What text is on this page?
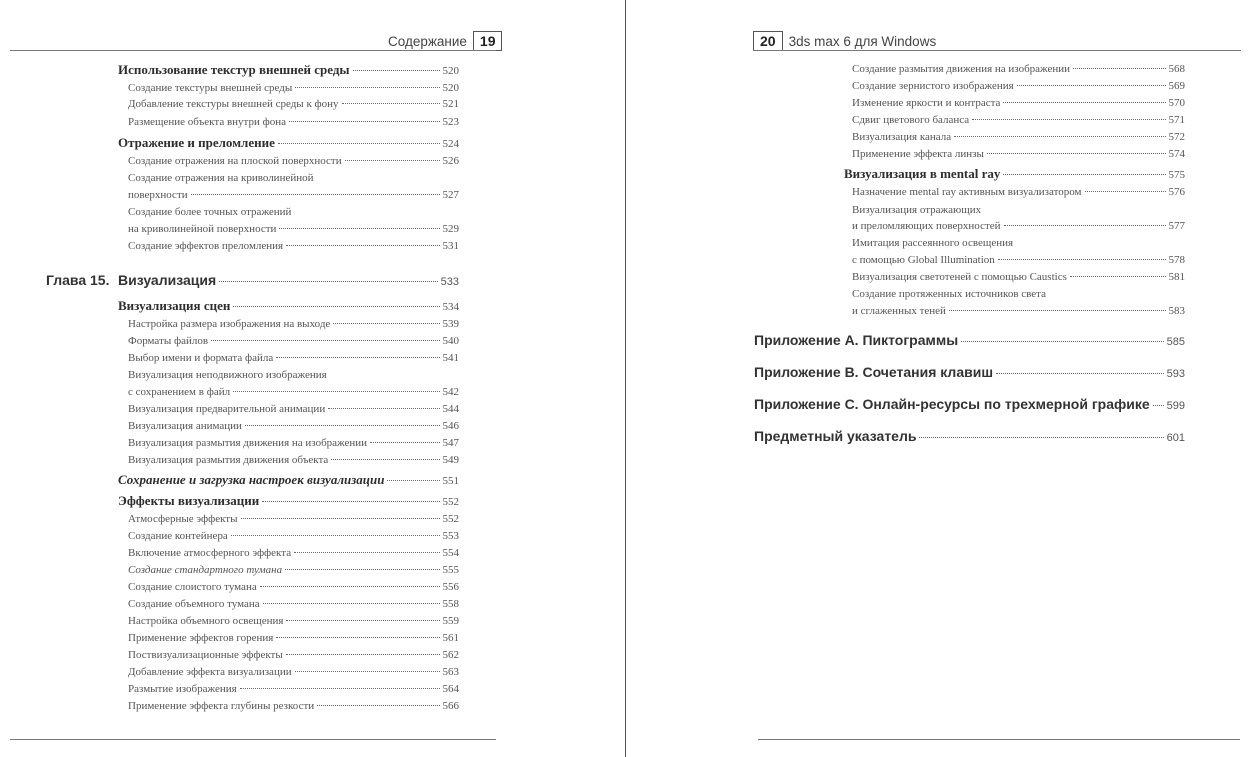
Содержание 19
Использование текстур внешней среды	520
Создание текстуры внешней среды	520
Добавление текстуры внешней среды к фону	521
Размещение объекта внутри фона	523
Отражение и преломление	524
Создание отражения на плоской поверхности	526
Создание отражения на криволинейной
поверхности	527
Создание более точных отражений
на криволинейной поверхности	529
Создание эффектов преломления	531
Глава 15. Визуализация	533
Визуализация сцен	534
Настройка размера изображения на выходе	539
Форматы файлов	540
Выбор имени и формата файла	541
Визуализация неподвижного изображения
с сохранением в файл	542
Визуализация предварительной анимации	544
Визуализация анимации	546
Визуализация размытия движения на изображении	547
Визуализация размытия движения объекта	549
Сохранение и загрузка настроек визуализации	551
Эффекты визуализации	552
Атмосферные эффекты	552
Создание контейнера	553
Включение атмосферного эффекта	554
Создание стандартного тумана	555
Создание слоистого тумана	556
Создание объемного тумана	558
Настройка объемного освещения	559
Применение эффектов горения	561
Поствизуализационные эффекты	562
Добавление эффекта визуализации	563
Размытие изображения	564
Применение эффекта глубины резкости	566
20 3ds max 6 для Windows
Создание размытия движения на изображении	568
Создание зернистого изображения	569
Изменение яркости и контраста	570
Сдвиг цветового баланса	571
Визуализация канала	572
Применение эффекта линзы	574
Визуализация в mental ray	575
Назначение mental ray активным визуализатором	576
Визуализация отражающих
и преломляющих поверхностей	577
Имитация рассеянного освещения
с помощью Global Illumination	578
Визуализация светотеней с помощью Caustics	581
Создание протяженных источников света
и сглаженных теней	583
Приложение А. Пиктограммы	585
Приложение В. Сочетания клавиш	593
Приложение С. Онлайн-ресурсы по трехмерной графике 599
Предметный указатель	601
